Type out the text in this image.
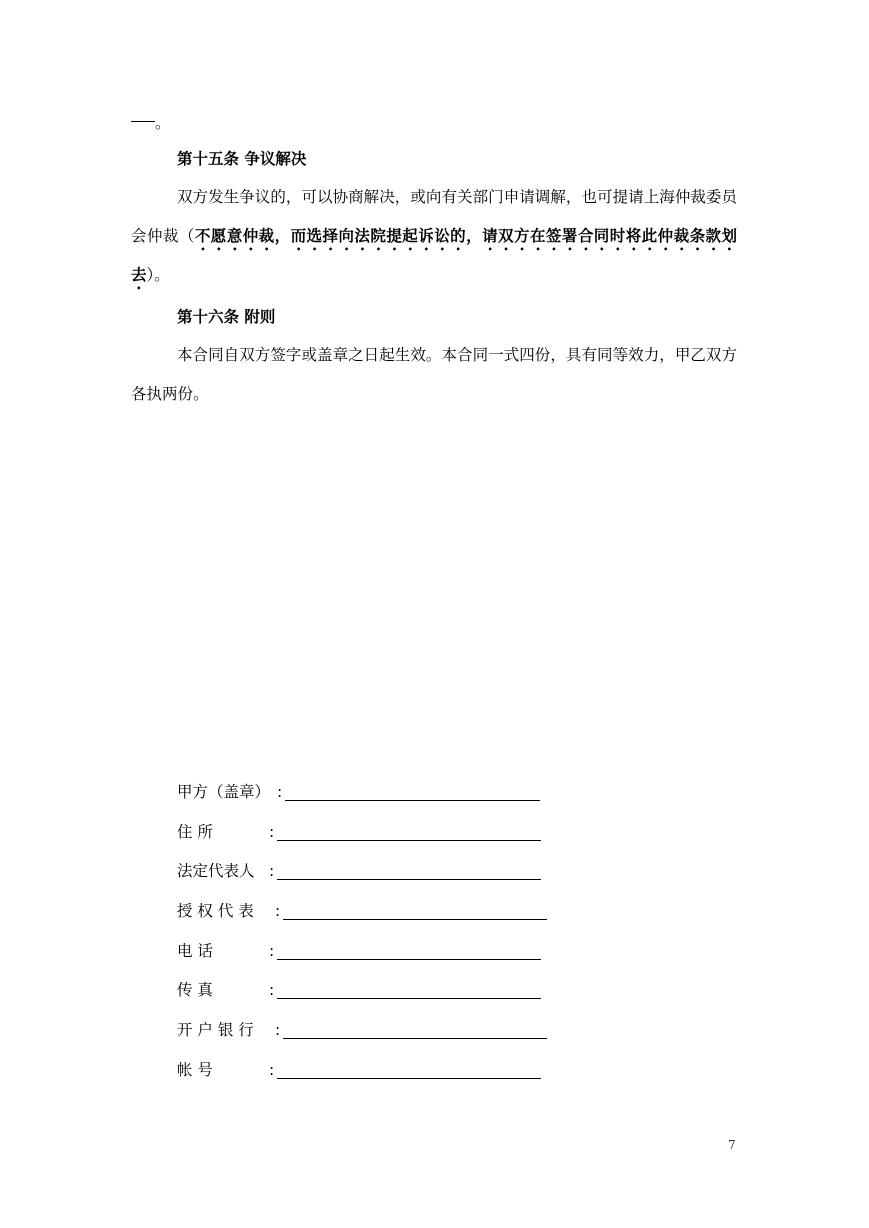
。
第十五条 争议解决
双方发生争议的，可以协商解决，或向有关部门申请调解，也可提请上海仲裁委员会仲裁（不愿意仲裁，而选择向法院提起诉讼的，请双方在签署合同时将此仲裁条款划去）。
第十六条 附则
本合同自双方签字或盖章之日起生效。本合同一式四份，具有同等效力，甲乙双方各执两份。
甲方（盖章） :
住 所	:
法定代表人 :
授 权 代 表	:
电 话	:
传 真	:
开 户 银 行	:
帐 号	:
7
